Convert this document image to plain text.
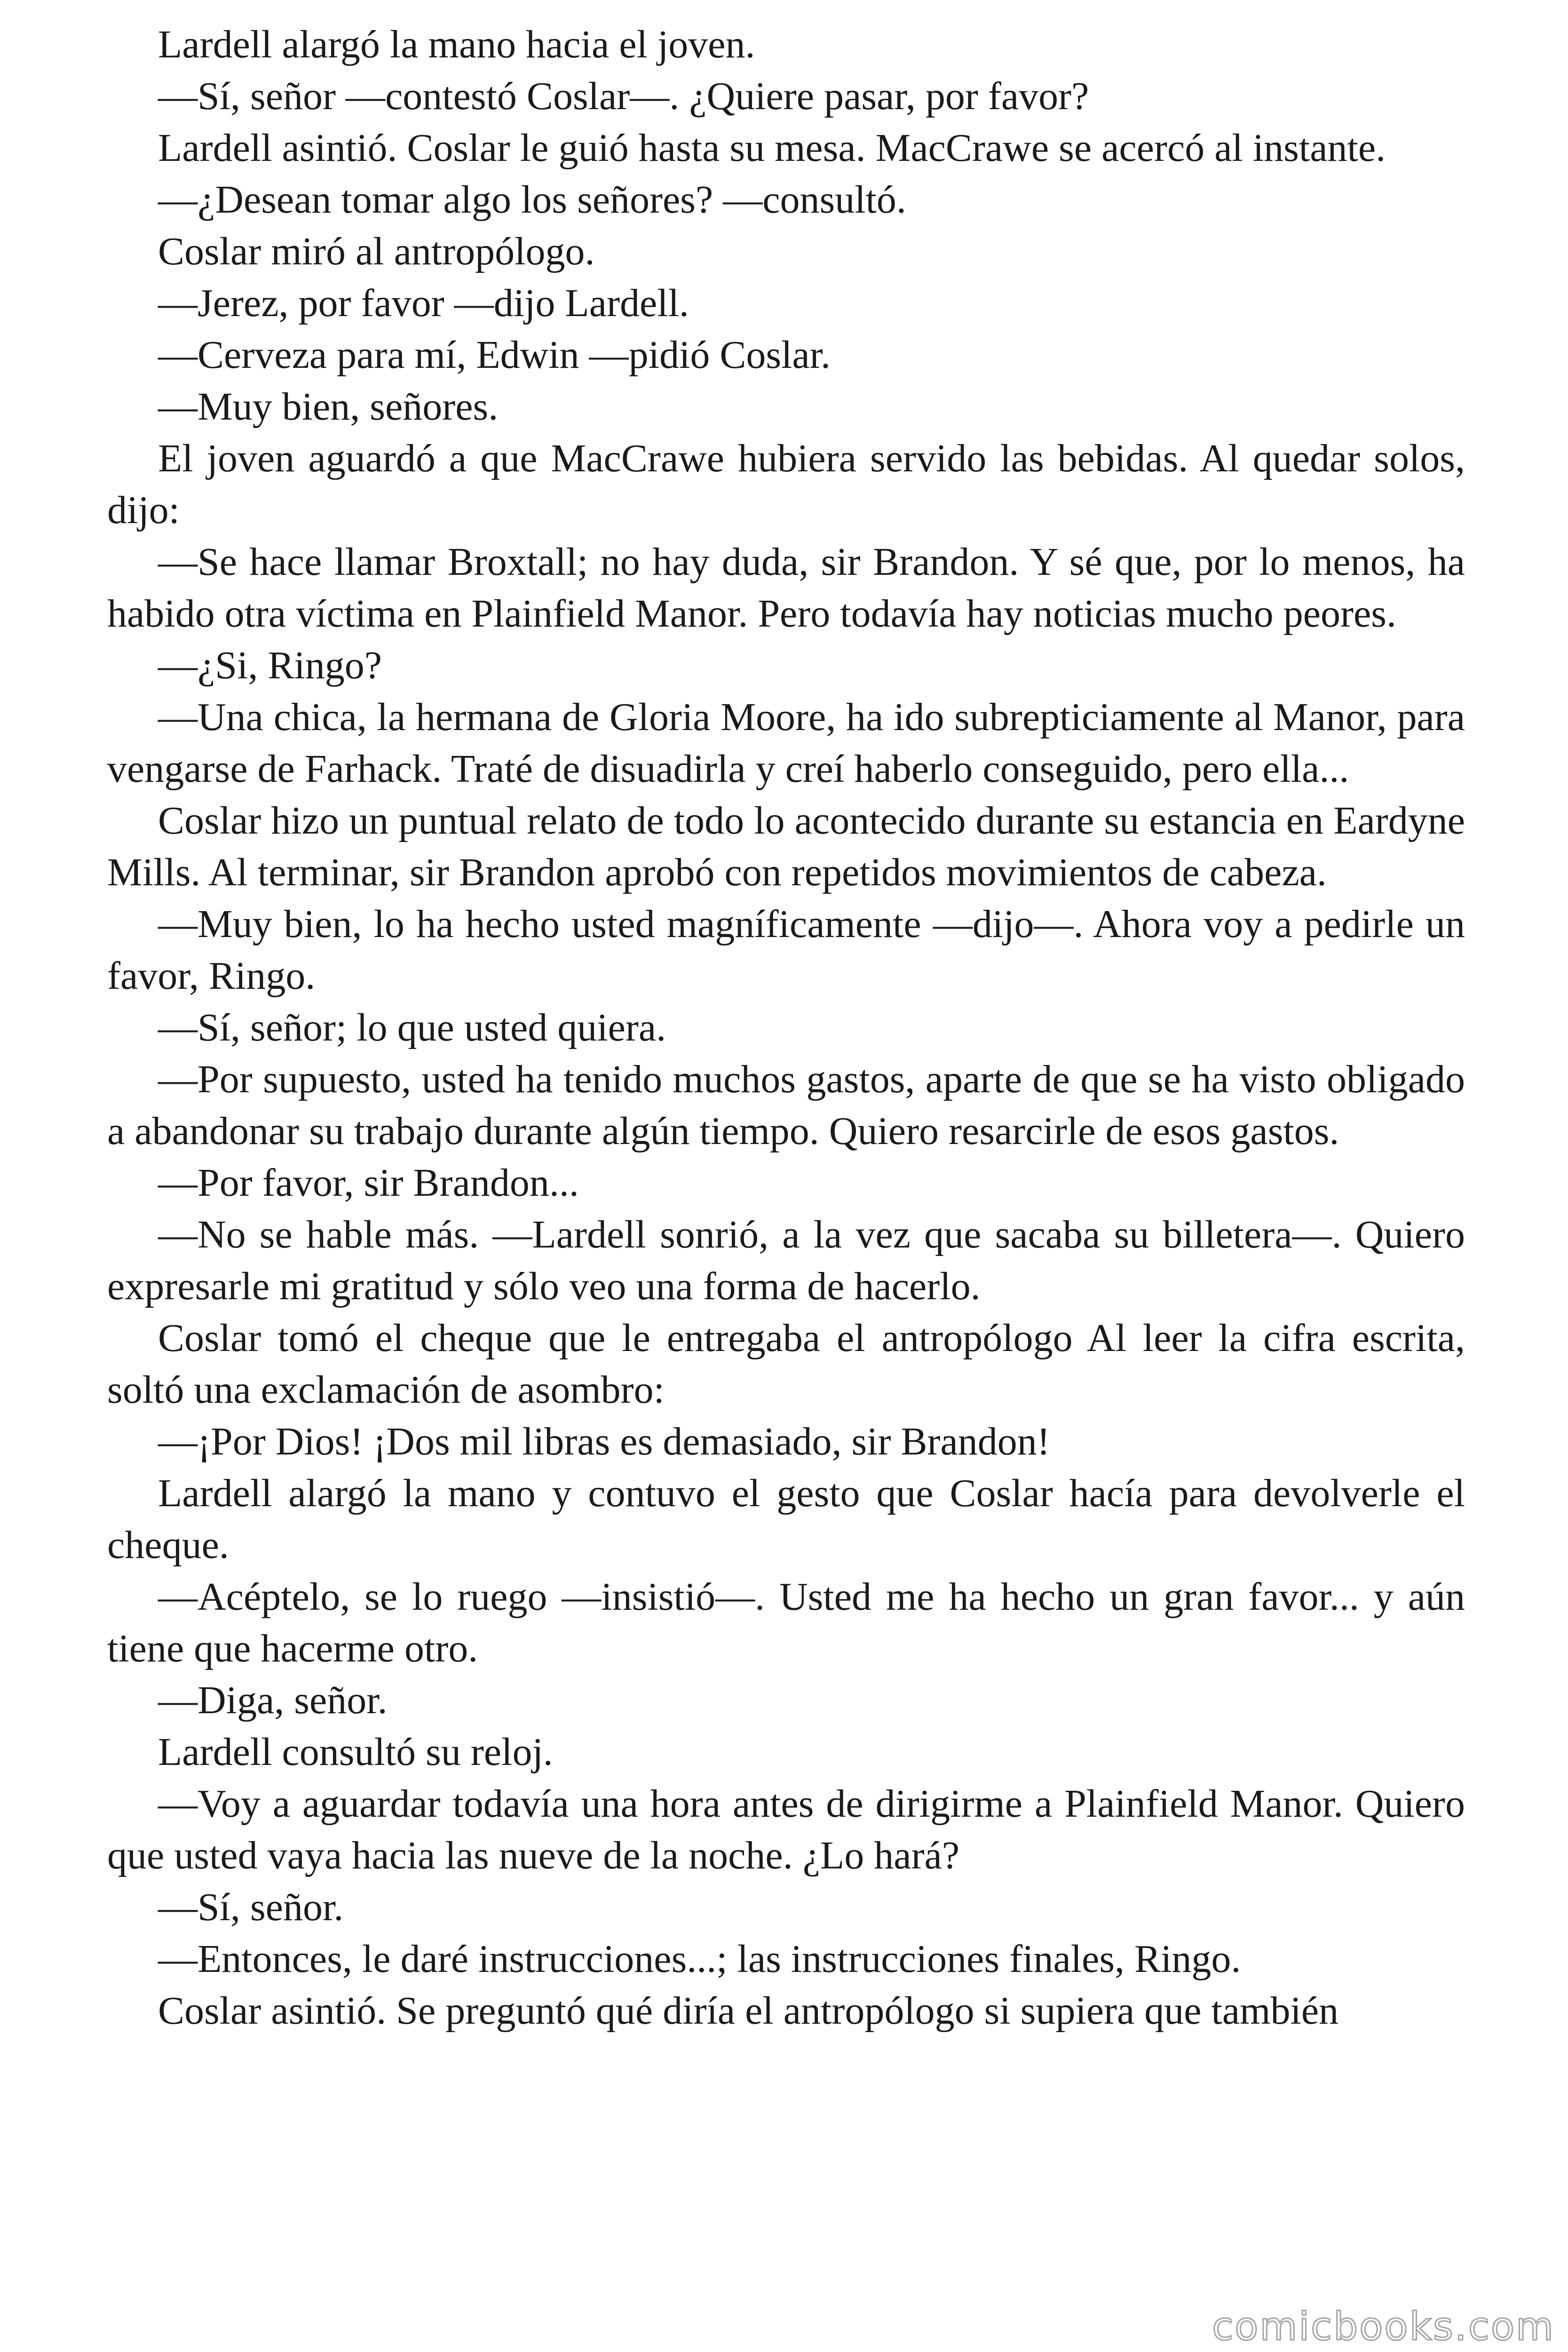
Lardell alargó la mano hacia el joven.

—Sí, señor —contestó Coslar—. ¿Quiere pasar, por favor?

Lardell asintió. Coslar le guió hasta su mesa. MacCrawe se acercó al instante.

—¿Desean tomar algo los señores? —consultó.

Coslar miró al antropólogo.

—Jerez, por favor —dijo Lardell.

—Cerveza para mí, Edwin —pidió Coslar.

—Muy bien, señores.

El joven aguardó a que MacCrawe hubiera servido las bebidas. Al quedar solos, dijo:

—Se hace llamar Broxtall; no hay duda, sir Brandon. Y sé que, por lo menos, ha habido otra víctima en Plainfield Manor. Pero todavía hay noticias mucho peores.

—¿Si, Ringo?

—Una chica, la hermana de Gloria Moore, ha ido subrepticiamente al Manor, para vengarse de Farhack. Traté de disuadirla y creí haberlo conseguido, pero ella...

Coslar hizo un puntual relato de todo lo acontecido durante su estancia en Eardyne Mills. Al terminar, sir Brandon aprobó con repetidos movimientos de cabeza.

—Muy bien, lo ha hecho usted magníficamente —dijo—. Ahora voy a pedirle un favor, Ringo.

—Sí, señor; lo que usted quiera.

—Por supuesto, usted ha tenido muchos gastos, aparte de que se ha visto obligado a abandonar su trabajo durante algún tiempo. Quiero resarcirle de esos gastos.

—Por favor, sir Brandon...

—No se hable más. —Lardell sonrió, a la vez que sacaba su billetera—. Quiero expresarle mi gratitud y sólo veo una forma de hacerlo.

Coslar tomó el cheque que le entregaba el antropólogo Al leer la cifra escrita, soltó una exclamación de asombro:

—¡Por Dios! ¡Dos mil libras es demasiado, sir Brandon!

Lardell alargó la mano y contuvo el gesto que Coslar hacía para devolverle el cheque.

—Acéptelo, se lo ruego —insistió—. Usted me ha hecho un gran favor... y aún tiene que hacerme otro.

—Diga, señor.

Lardell consultó su reloj.

—Voy a aguardar todavía una hora antes de dirigirme a Plainfield Manor. Quiero que usted vaya hacia las nueve de la noche. ¿Lo hará?

—Sí, señor.

—Entonces, le daré instrucciones...; las instrucciones finales, Ringo.

Coslar asintió. Se preguntó qué diría el antropólogo si supiera que también

comicbooks.com
